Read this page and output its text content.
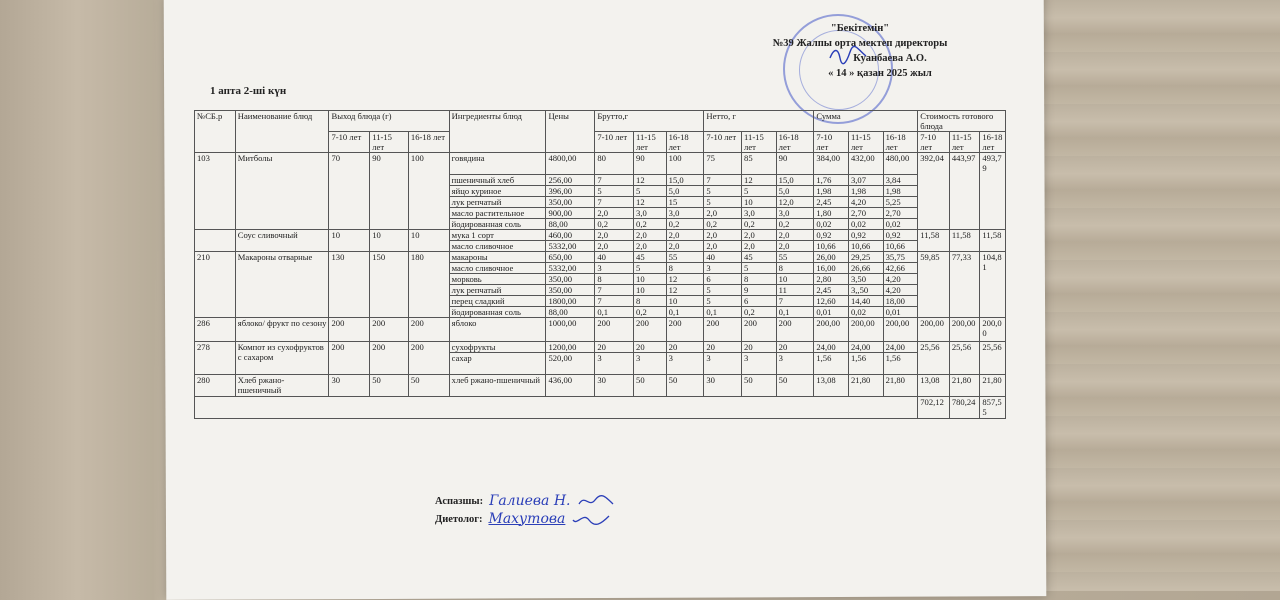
"Бекітемін"
№39 Жалпы орта мектеп директоры
Куанбаева А.О.
« 14 » қазан 2025 жыл
1 апта 2-ші күн
№СБ.р	Наименование блюд	Выход блюда (г)			Ингредиенты блюд	Цены	Брутто,г			Нетто, г			Сумма			Стоимость готового блюда		
		7-10 лет	11-15 лет	16-18 лет			7-10 лет	11-15 лет	16-18 лет	7-10 лет	11-15 лет	16-18 лет	7-10 лет	11-15 лет	16-18 лет	7-10 лет	11-15 лет	16-18 лет
103	Митболы	70	90	100	говядина	4800,00	80	90	100	75	85	90	384,00	432,00	480,00	392,04	443,97	493,79
					пшеничный хлеб	256,00	7	12	15,0	7	12	15,0	1,76	3,07	3,84			
					яйцо куриное	396,00	5	5	5,0	5	5	5,0	1,98	1,98	1,98			
					лук репчатый	350,00	7	12	15	5	10	12,0	2,45	4,20	5,25			
					масло растительное	900,00	2,0	3,0	3,0	2,0	3,0	3,0	1,80	2,70	2,70			
					йодированная соль	88,00	0,2	0,2	0,2	0,2	0,2	0,2	0,02	0,02	0,02			
	Соус сливочный	10	10	10	мука 1 сорт	460,00	2,0	2,0	2,0	2,0	2,0	2,0	0,92	0,92	0,92	11,58	11,58	11,58
					масло сливочное	5332,00	2,0	2,0	2,0	2,0	2,0	2,0	10,66	10,66	10,66			
210	Макароны отварные	130	150	180	макароны	650,00	40	45	55	40	45	55	26,00	29,25	35,75	59,85	77,33	104,81
					масло сливочное	5332,00	3	5	8	3	5	8	16,00	26,66	42,66			
					морковь	350,00	8	10	12	6	8	10	2,80	3,50	4,20			
					лук репчатый	350,00	7	10	12	5	9	11	2,45	3,,50	4,20			
					перец сладкий	1800,00	7	8	10	5	6	7	12,60	14,40	18,00			
					йодированная соль	88,00	0,1	0,2	0,1	0,1	0,2	0,1	0,01	0,02	0,01			
286	яблоко/ фрукт по сезону	200	200	200	яблоко	1000,00	200	200	200	200	200	200	200,00	200,00	200,00	200,00	200,00	200,00
278	Компот из сухофруктов с сахаром	200	200	200	сухофрукты	1200,00	20	20	20	20	20	20	24,00	24,00	24,00	25,56	25,56	25,56
					сахар	520,00	3	3	3	3	3	3	1,56	1,56	1,56			
280	Хлеб ржано-пшеничный	30	50	50	хлеб ржано-пшеничный	436,00	30	50	50	30	50	50	13,08	21,80	21,80	13,08	21,80	21,80
																702,12	780,24	857,55
Аспазшы: Галиева Н.
Диетолог: Махутова
